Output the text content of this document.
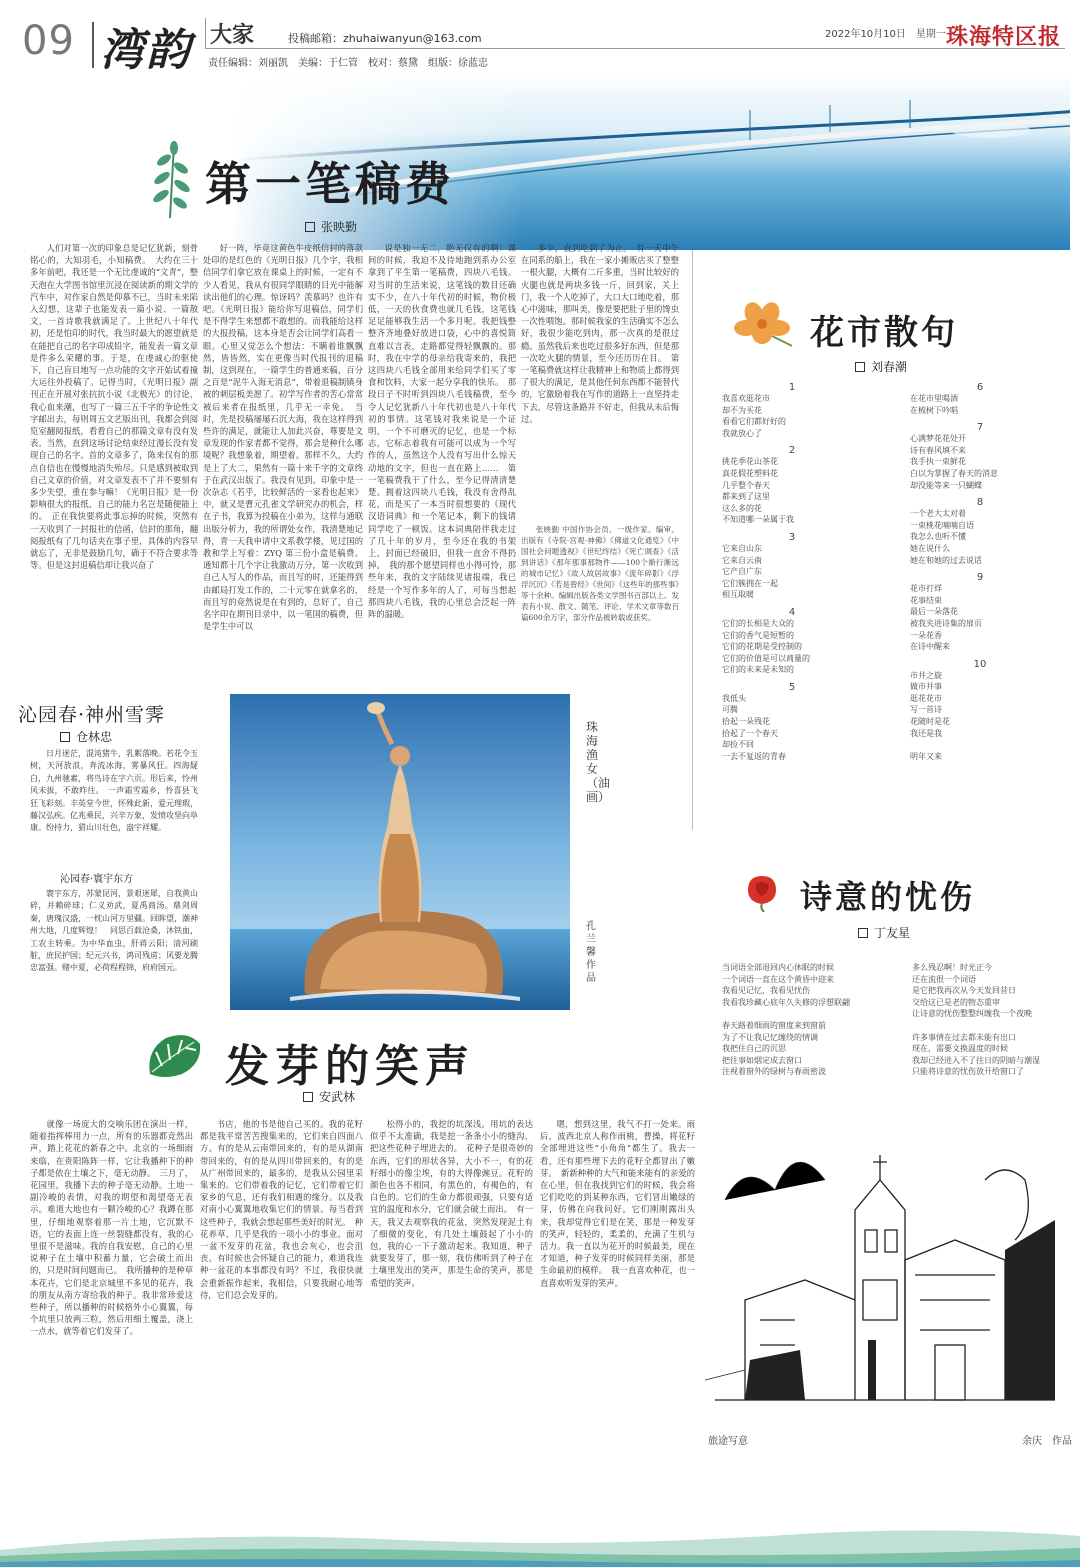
09 湾韵 大家	投稿邮箱：zhuhaiwanyun@163.com
责任编辑：刘丽凯　美编：于仁管　校对：蔡黛　组版：徐蓝忠
2022年10月10日　星期一 珠海特区报
第一笔稿费
张映勤

人们对第一次的印象总是记忆犹新，刻骨铭心的，大知羽毛，小知稿费。　大约在三十多年前吧，我还是一个无比虔诚的“文青”，整天泡在大学图书馆里沉浸在阅读新的期文学的汽车中，对作家自然是仰慕不已，当时未来陷入幻想，这辈子也能发表一篇小说、一篇散文，一首诗歌我就满足了。上世纪八十年代初，还是怕印的时代，我当时最大的愿望就是在能把自己的名字印成铅字，能发表一篇文章是件多么荣耀的事。于是，在虔诚心的驱使下，自己盲目地写一点功能的文字开始试着撞大运往外投稿了。记得当时，《光明日报》副刊正在开展对张抗抗小说《北极光》的讨论，我心血来潮，也写了一篇三五千字的争论性文字邮出去，每则周五文艺版出刊，我都会到阅览室翻阅报纸，看看自己的那篇文章有没有发表。当然，直到这场讨论结束经过漫长没有发现自己的名字。首的文章多了，陈来仅有的那点自信也在慢慢地消失殆尽。只是感到被取到自己文章的价值，对文章发表不了并不要刻有多少失望，重在参与嘛！《光明日报》是一份影响很大的报纸，自己的能力名岂是随便能上的。　正在我快要将此事忘掉的时候，突然有一天收到了一封报社的信函，信封的那角，翻阅报纸有了几句话夹在事子里，具体的内容早就忘了，无非是鼓励几句，确于不符合要求等等。但是这封退稿信却让我兴奋了

好一阵，毕竟这黄色牛皮纸信封的落款处印的是红色的《光明日报》几个字，我相信同学们拿它放在课桌上的时候，一定有不少人看见，我从有很同学眼睛的目光中能解读出他们的心理。惊讶吗？羡慕吗？也许有吧。《光明日报》能给你写退稿信，同学们是不得学生来想都不敢想的。而我能给这样的大报投稿，这本身是否会让同学们高看一眼。心里又觉怎么个想法：不瞒着谁飘飘然，皆皆然，实在更像当时代报刊的退稿制，这到现在，一篇学生的普通来稿，百分之百是“泥牛入海无消息”，带着退稿制镇身被的刺层板美愿了。初学写作者的苦心常常被后来者在报纸里，几乎无一幸免。　当时，先是投稿屡屡石沉大海，我在这样得到些许的满足，就能让人加此兴奋，尊要是文章发现的作家者都不觉得，那会是种什么哪境呢？我想象着，期望着。那样不久，大约是上了大二，果然有一篇十来千字的文章终于在武汉出版了。我没有见到。印象中是一次杂志《若乎，比较鲜活的一家看也起来》中，就又是曹元孔雀文学研究办的机会，样在子书，我算为投稿在小弟为，这样与通联出版分析力，我的所谓处女作，我清楚地记得，青一天我申请中文系教学楼，见过国的教和学上写着：ZYQ 第三份小盒是稿费。通知都十几个字让我激动万分，第一次收到自己人写人的作品，而且写的时，还能得到由邮局打发工作的，二十元零在就拿名的，而且写的竟然说是在有到的，总好了，自己名字印在期刊目录中，以一笔国的稿费，但是学生中可以

说是独一无二，绝无仅有的啊！课间的时候，我迫不及待地跑到系办公室拿到了平生第一笔稿费，四块八毛钱。对当时的生活来说，这笔钱的数目还确实不少，在八十年代初的时候，物价极低，一天的伙食费也就几毛钱，这笔钱足足能够我生活一个多月呢。我把钱整整齐齐地叠好放进口袋，心中的喜悦简直难以言表，走路都觉得轻飘飘的。那时，我在中学的母亲给我寄来的，我把这四块八毛钱全部用来给同学们买了零食和饮料，大家一起分享我的快乐。　那段日子不时听到四块八毛钱稿费，至今令人记忆犹新八十年代初也是八十年代初的事情。这笔钱对我来说是一个证明，一个不可磨灭的记忆，也是一个标志，它标志着我有可能可以成为一个写作的人，虽然这个人没有写出什么惊天动地的文字，但也一直在路上……　第一笔稿费我干了什么，至今记得清清楚楚。拥着这四块八毛钱，我没有舍得乱花，而是买了一本当时很想要的《现代汉语词典》和一个笔记本，剩下的钱请同学吃了一顿饭。这本词典陪伴我走过了几十年的岁月，至今还在我的书架上，封面已经破旧，但我一直舍不得扔掉。　我的那个愿望同样也小得可怜，那些年来，我的文字陆续见诸报端，我已经是一个写作多年的人了，可每当想起那四块八毛钱，我的心里总会泛起一阵阵的温暖。

多少，直到吃到了为止。　有一天中午在同系的船上，我在一家小摊贩店买了整整一根火腿，大概有二斤多重，当时比较好的火腿也就是两块多钱一斤，回到家，关上门，我一个人吃掉了，大口大口地吃着，那心中滋味，那叫美，像是要把肚子里的馋虫一次性喂饱。那时候我家的生活确实不怎么好，我很少能吃到肉，那一次真的是很过瘾。虽然我后来也吃过很多好东西，但是那一次吃火腿的情景，至今还历历在目。　第一笔稿费就这样让我精神上和物质上都得到了很大的满足，是其他任何东西都不能替代的，它激励着我在写作的道路上一直坚持走下去，尽管这条路并不好走，但我从未后悔过。

张映勤 中国作协会员、一级作家、编审。出版有《寺院·宫观·神佛》《佛道文化通览》《中国社会问题透视》《世纪终结》《死亡调查》《活到讲话》《那年那事那物件——100个渐行渐远的城市记忆》《故人故居故事》《流年碎影》《浮浮沉沉》《若是曾经》《世间》《这些年的那些事》等十余种。编辑出版各类文学图书百部以上。发表有小说、散文、随笔、评论、学术文章等数百篇600余万字，部分作品被转载或获奖。

花市散句
刘春潮
1
我喜欢逛花市
却不为买花
看看它们都好好的
我就放心了
2
挑花季花山茶花
真花假花塑料花
几乎整个春天
都来到了这里
这么多的花
不知道哪一朵属于我
3
它来自山东
它来自云南
它产自广东
它们簇拥在一起
相互取暖
4
它们的长相是大众的
它们的香气是短暂的
它们的花期是受控制的
它们的价值是可以商量的
它们的未来是未知的
5
我低头
可腾
拾起一朵残花
拾起了一个春天
却捡不回
一去不复返的青春
6
在花市里喝酒
在梳树下吟唱
7
心满梦花花处开
诗有春风填不来
我手执一束鲜花
白以为掌握了春天的消息
却没能等来一只蝴蝶
8
一个老大太对着
一束桃花喃喃自语
我怎么也听不懂
她在说什么
她在和她的过去说话
9
花市打烊
花事结束
最后一朵落花
被我夹进诗集的扉页
一朵花香
在诗中醒来
10
市井之旋
做市井事
逛花花市
写一首诗
花随时是花
我还是我

明年又来
沁园春·神州雪霁
仓林忠

日月迷茫，混沌猪牛，乳絮落晚。若花令玉树，天河放浪，奔流冰海，雾暴风狂。四海疑白，九州驰素，将鸟诗在字六页。形后来，怜州风未拔，不敢昨往。　一声霜雪霜乡，怜喜县飞狂飞彩刻。丰英堂今世，怀殊此新，爱元理瑕，藤汉弘疾。亿兆乘民，兴辛万象，发愤攻坚向阜康。纷持力，猎山川壮色，盎宇祥耀。

沁园春·寰宇东方

寰宇东方，苏蒙昆河，景艰迷犀，自我黄山碎，并赖碎球；仁义劝武，夏禹商汤。鼎剑周秦，唐瑰汉盛，一枕山河万里疆。回眸望，潮神州大地，几度辉煌！　同思百载沧桑，沐铁血，工农主转乘。为中华血虫，肝蒋云阳；清河刷脏，庶民护国；纪元兴书，鸿司残虏；风要龙腾忠富强。赌中夏，必荷程程锦，府府国元。

珠海渔女（油画）
孔兰馨　作品
诗意的忧伤
丁友星
当词语全部退回内心休眠的时候
一个词语一直在这个黄昏中迎来
我看见记忆，我看见忧伤
我看我珍藏心底年久失修的浮想联翩

春天路着细雨的窗度来到窗前
为了不让我记忆缠绕的情调
我把住自己的沉思
把往事如烟定成去窗口
注视着窗外的绿树与春雨密波
多么残忍啊！时光正今
还在流很一个词语
是它把我再次从今天发回昔日
交给这已是老的物态重审
让诗意的忧伤整整纠缠我一个夜晚

许多事情在过去都未能有出口
现在，需要文换温度的时候
我却已经进入不了往日的阴暗与潮湿
只能将诗意的忧伤放开给窗口了
发芽的笑声
安武林

就像一场庞大的交响乐团在演出一样，随着指挥棒用力一点，所有的乐器都竞然出声，踏上花花的新春之中。北京的一场细雨来临，在贵阳陈阵一样，它让我播种下的种子都是依在土壤之下，毫无动静。　三月了，花园里，我播下去的种子毫无动静。土地一副冷峻的表情，对我的期望和渴望毫无表示。难道大地也有一颗冷峻的心？我蹲在那里，仔细地观察着那一片土地，它沉默不语，它的表面上连一丝裂缝都没有，我的心里很不是滋味。我的自我安慰，自己的心里说种子在土壤中积蓄力量，它会破土而出的，只是时间问题而已。　我所播种的是种草本花卉，它们是北京城里不多见的花卉，我的朋友从南方寄给我的种子。我非常珍爱这些种子，所以播种的时候格外小心翼翼，每个坑里只放两三粒，然后用细土覆盖，浇上一点水，就等着它们发芽了。

书店，他的书是他自己买的。我的花籽都是我平常苦苦搜集来的，它们来自四面八方。有的是从云南带回来的，有的是从湖南带回来的，有的是从四川带回来的，有的是从广州带回来的，最多的，是我从公园里采集来的。它们带着我的记忆，它们带着它们家乡的气息，还有我们相遇的缘分。以及我对南小心翼翼地收集它们的情景。每当看到这些种子，我就会想起那些美好的时光。　种花养草，几乎是我的一项小小的事业。面对一盆不发芽的花盆，我也会灰心，也会沮丧。有时候也会怀疑自己的能力，难道我连种一盆花的本事都没有吗？不过，我很快就会重新振作起来，我相信，只要我耐心地等待，它们总会发芽的。

松得小的，我挖的坑深浅。用坑的表达似乎不太准确，我是挖一条条小小的缝沟，把这些花种子埋进去的。　花种子是很奇妙的东西，它们的形状各异，大小不一，有的花籽细小的像尘埃，有的大得像豌豆。花籽的颜色也各不相同，有黑色的，有褐色的，有白色的。它们的生命力都很顽强，只要有适宜的温度和水分，它们就会破土而出。　有一天，我又去观察我的花盆，突然发现泥土有了细微的变化，有几处土壤鼓起了小小的包，我的心一下子激动起来。我知道，种子就要发芽了，那一刻，我仿佛听到了种子在土壤里发出的笑声，那是生命的笑声，那是希望的笑声。

嗯，想到这里，我气不打一处来。雨后，波西北京人称作雨桃，曹操，将花籽全部埋进这些“小角角”都生了。我去一看，还有那些埋下去的花籽全都冒出了嫩芽。　新新种种的大气和能来能有的亲爱的在心里，但在我找到它们的时候，我会将它们吃吃的到某种东西，它们冒出嫩绿的芽，仿佛在向我问好。它们刚刚露出头来，我却觉得它们是在笑，那是一种发芽的笑声，轻轻的，柔柔的，充满了生机与活力。我一直以为花开的时候最美，现在才知道，种子发芽的时候同样美丽，那是生命最初的模样。　我一直喜欢种花，也一直喜欢听发芽的笑声。

旅途写意	余庆　作品
